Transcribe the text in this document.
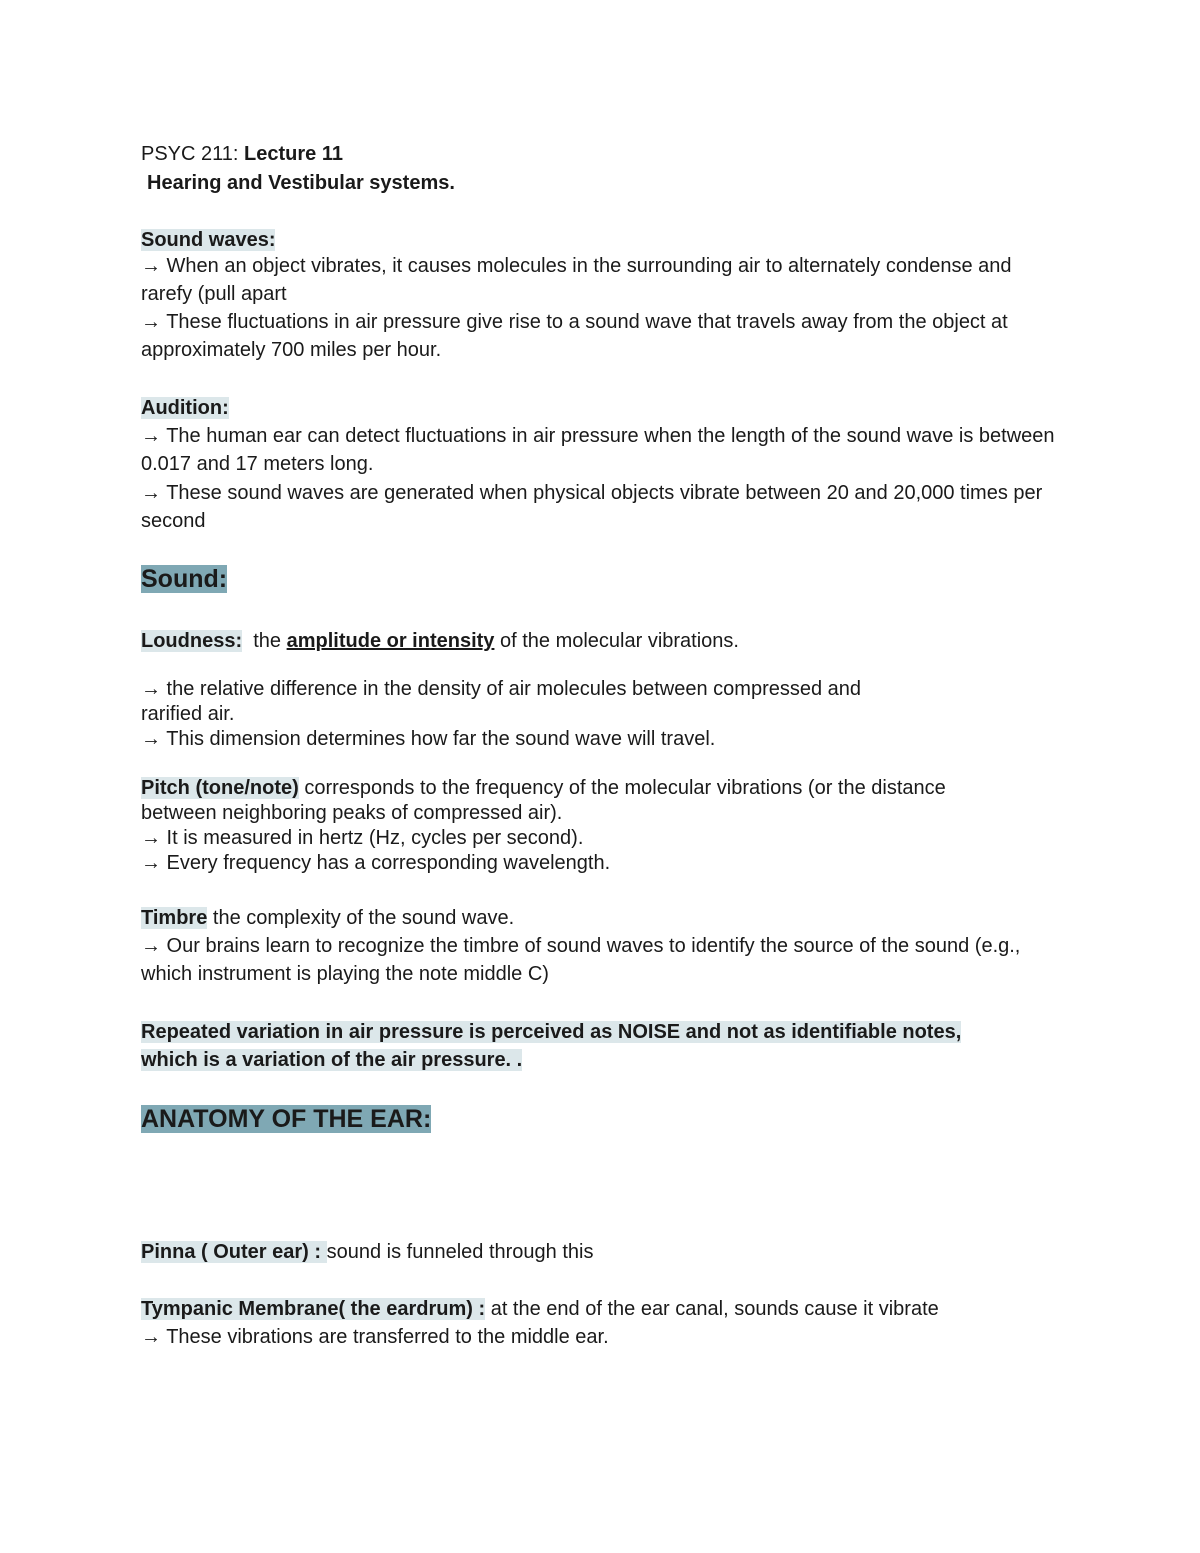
PSYC 211: Lecture 11

Hearing and Vestibular systems.

Sound waves:

→ When an object vibrates, it causes molecules in the surrounding air to alternately condense and rarefy (pull apart

→ These fluctuations in air pressure give rise to a sound wave that travels away from the object at approximately 700 miles per hour.

Audition:

→ The human ear can detect fluctuations in air pressure when the length of the sound wave is between 0.017 and 17 meters long.

→ These sound waves are generated when physical objects vibrate between 20 and 20,000 times per second

Sound:

Loudness:  the amplitude or intensity of the molecular vibrations.

→ the relative difference in the density of air molecules between compressed and
rarified air.

→ This dimension determines how far the sound wave will travel.

Pitch (tone/note) corresponds to the frequency of the molecular vibrations (or the distance
between neighboring peaks of compressed air).

→ It is measured in hertz (Hz, cycles per second).

→ Every frequency has a corresponding wavelength.

Timbre the complexity of the sound wave.

→ Our brains learn to recognize the timbre of sound waves to identify the source of the sound (e.g., which instrument is playing the note middle C)

Repeated variation in air pressure is perceived as NOISE and not as identifiable notes,
which is a variation of the air pressure. .

ANATOMY OF THE EAR:

Pinna ( Outer ear) : sound is funneled through this

Tympanic Membrane( the eardrum) : at the end of the ear canal, sounds cause it vibrate

→ These vibrations are transferred to the middle ear.
